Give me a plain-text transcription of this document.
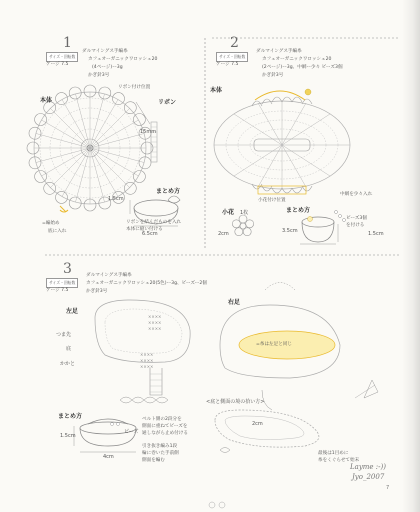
××××
××××
××××
××××
××××
××××
1
サイズ・回転数
ゲージ 7.5
ダルマイングス手編糸
カフェオーガニックワロッシェ20
(4ページ)ー3g
かぎ針3号
本体
リボン付け位置
リボン
15mm
まとめ方
1.5cm
6.5cm
=編始め	リボンを結んだものを入れ
本体に縫い付ける
底に入れ
2
サイズ・回転数
ゲージ 7.5
ダルマイングス手編糸
カフェオーガニックワロッシェ20
(2ページ)ー3g、中網ー少々 ビーズ3個
かぎ針3号
本体
小花付け位置
小花 1枚	まとめ方
2cm	3.5cm	1.5cm
中網を少々入れ
ビーズ3個
を付ける
3
サイズ・回転数
ゲージ 7.5
ダルマイングス手編糸
カフェオーガニックワロッシェ20(5色)ー3g、ビーズー2個
かぎ針3号
左足
右足
つま先
底
かかと
=糸は左足と同じ
まとめ方
1.5cm
4cm
ビーズ
2cm
<底と側面の境の拾い方>
ベルト側の2段分を
側面に重ねてビーズを
通しながら止め付ける
引き抜き編み1段
輪に巻いた手前側
側面を編む
最後は1目めに
糸をくぐらせて始末
Layme :-))
Jyo_2007
7
